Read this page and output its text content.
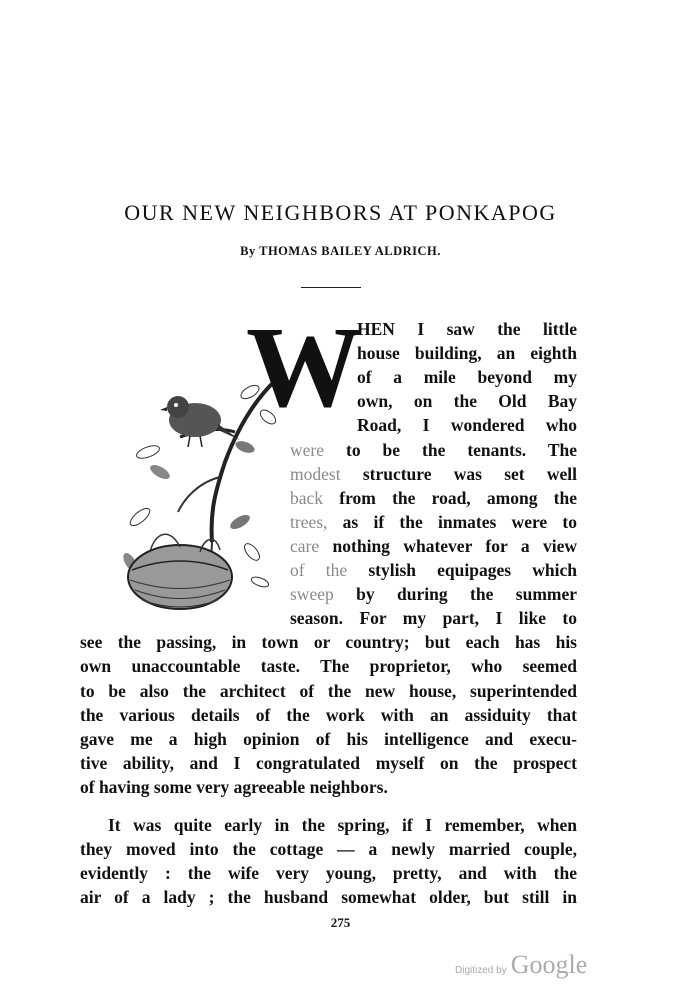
OUR NEW NEIGHBORS AT PONKAPOG

By THOMAS BAILEY ALDRICH.

W

HEN I saw the little

house building, an eighth

of a mile beyond my

own, on the Old Bay

Road, I wondered who

were to be the tenants. The

modest structure was set well

back from the road, among the

trees, as if the inmates were to

care nothing whatever for a view

of the stylish equipages which

sweep by during the summer

season. For my part, I like to

see the passing, in town or country; but each has his

own unaccountable taste. The proprietor, who seemed

to be also the architect of the new house, superintended

the various details of the work with an assiduity that

gave me a high opinion of his intelligence and execu-

tive ability, and I congratulated myself on the prospect

of having some very agreeable neighbors.

It was quite early in the spring, if I remember, when

they moved into the cottage — a newly married couple,

evidently : the wife very young, pretty, and with the

air of a lady ; the husband somewhat older, but still in

275

Digitized by Google
